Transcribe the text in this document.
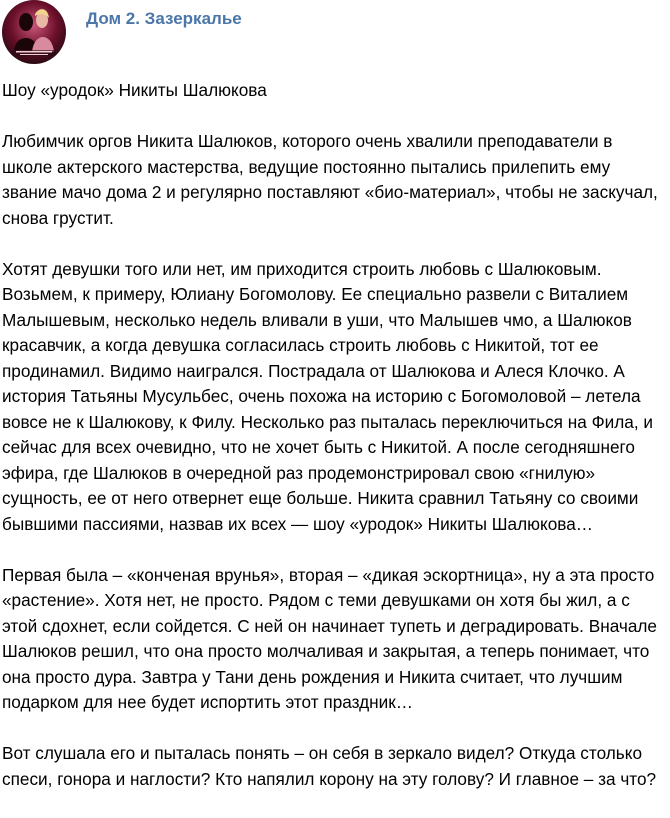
Дом 2. Зазеркалье

Шоу «уродок» Никиты Шалюкова

Любимчик оргов Никита Шалюков, которого очень хвалили преподаватели в школе актерского мастерства, ведущие постоянно пытались прилепить ему звание мачо дома 2 и регулярно поставляют «био-материал», чтобы не заскучал, снова грустит.

Хотят девушки того или нет, им приходится строить любовь с Шалюковым. Возьмем, к примеру, Юлиану Богомолову. Ее специально развели с Виталием Малышевым, несколько недель вливали в уши, что Малышев чмо, а Шалюков красавчик, а когда девушка согласилась строить любовь с Никитой, тот ее продинамил. Видимо наигрался. Пострадала от Шалюкова и Алеся Клочко. А история Татьяны Мусульбес, очень похожа на историю с Богомоловой – летела вовсе не к Шалюкову, к Филу. Несколько раз пыталась переключиться на Фила, и сейчас для всех очевидно, что не хочет быть с Никитой. А после сегодняшнего эфира, где Шалюков в очередной раз продемонстрировал свою «гнилую» сущность, ее от него отвернет еще больше. Никита сравнил Татьяну со своими бывшими пассиями, назвав их всех — шоу «уродок» Никиты Шалюкова…

Первая была – «конченая врунья», вторая – «дикая эскортница», ну а эта просто «растение». Хотя нет, не просто. Рядом с теми девушками он хотя бы жил, а с этой сдохнет, если сойдется. С ней он начинает тупеть и деградировать. Вначале Шалюков решил, что она просто молчаливая и закрытая, а теперь понимает, что она просто дура. Завтра у Тани день рождения и Никита считает, что лучшим подарком для нее будет испортить этот праздник…

Вот слушала его и пыталась понять – он себя в зеркало видел? Откуда столько спеси, гонора и наглости? Кто напялил корону на эту голову? И главное – за что?
